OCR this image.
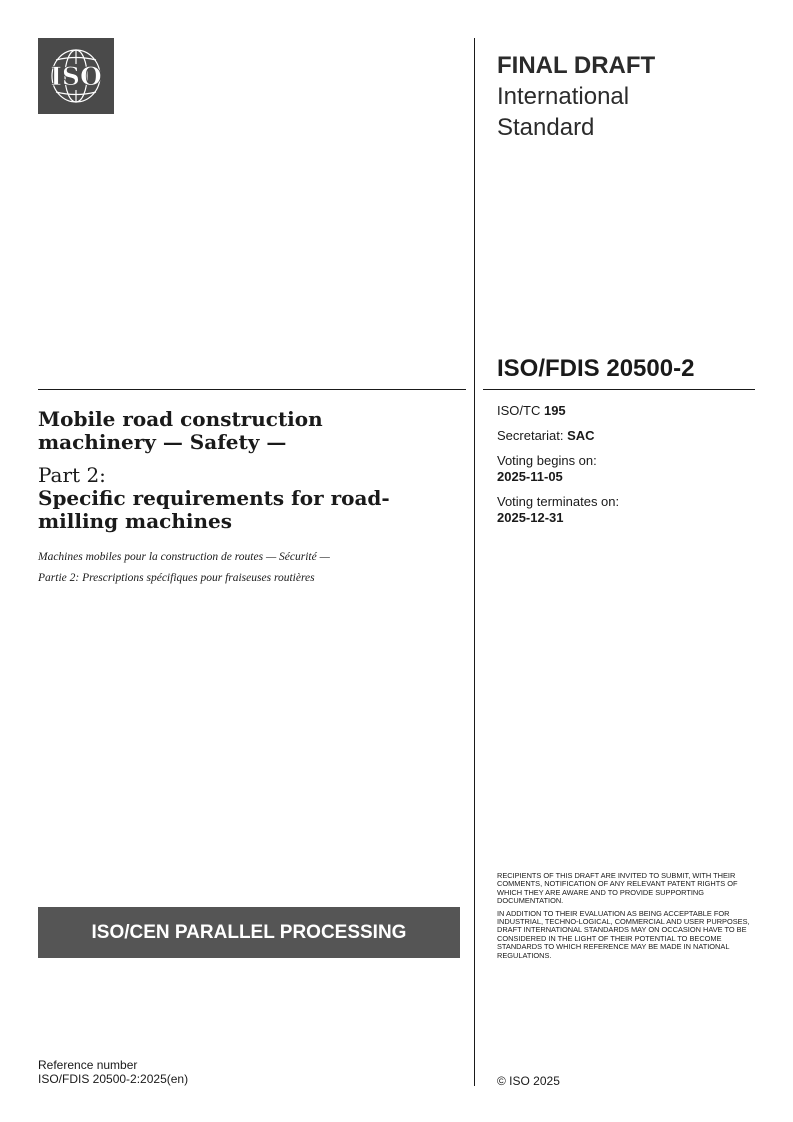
ISO	FINAL DRAFT
International
Standard
ISO/FDIS 20500-2
ISO/TC 195
Secretariat: SAC
Voting begins on:
2025-11-05
Voting terminates on:
2025-12-31
Mobile road construction
machinery — Safety —
Part 2:
Specific requirements for road-
milling machines
Machines mobiles pour la construction de routes — Sécurité —
Partie 2: Prescriptions spécifiques pour fraiseuses routières

RECIPIENTS OF THIS DRAFT ARE INVITED TO SUBMIT, WITH THEIR COMMENTS, NOTIFICATION OF ANY RELEVANT PATENT RIGHTS OF WHICH THEY ARE AWARE AND TO PROVIDE SUPPORTING DOCUMENTATION.

IN ADDITION TO THEIR EVALUATION AS BEING ACCEPTABLE FOR INDUSTRIAL, TECHNO-LOGICAL, COMMERCIAL AND USER PURPOSES, DRAFT INTERNATIONAL STANDARDS MAY ON OCCASION HAVE TO BE CONSIDERED IN THE LIGHT OF THEIR POTENTIAL TO BECOME STANDARDS TO WHICH REFERENCE MAY BE MADE IN NATIONAL REGULATIONS.

ISO/CEN PARALLEL PROCESSING
Reference number
ISO/FDIS 20500-2:2025(en)	© ISO 2025
